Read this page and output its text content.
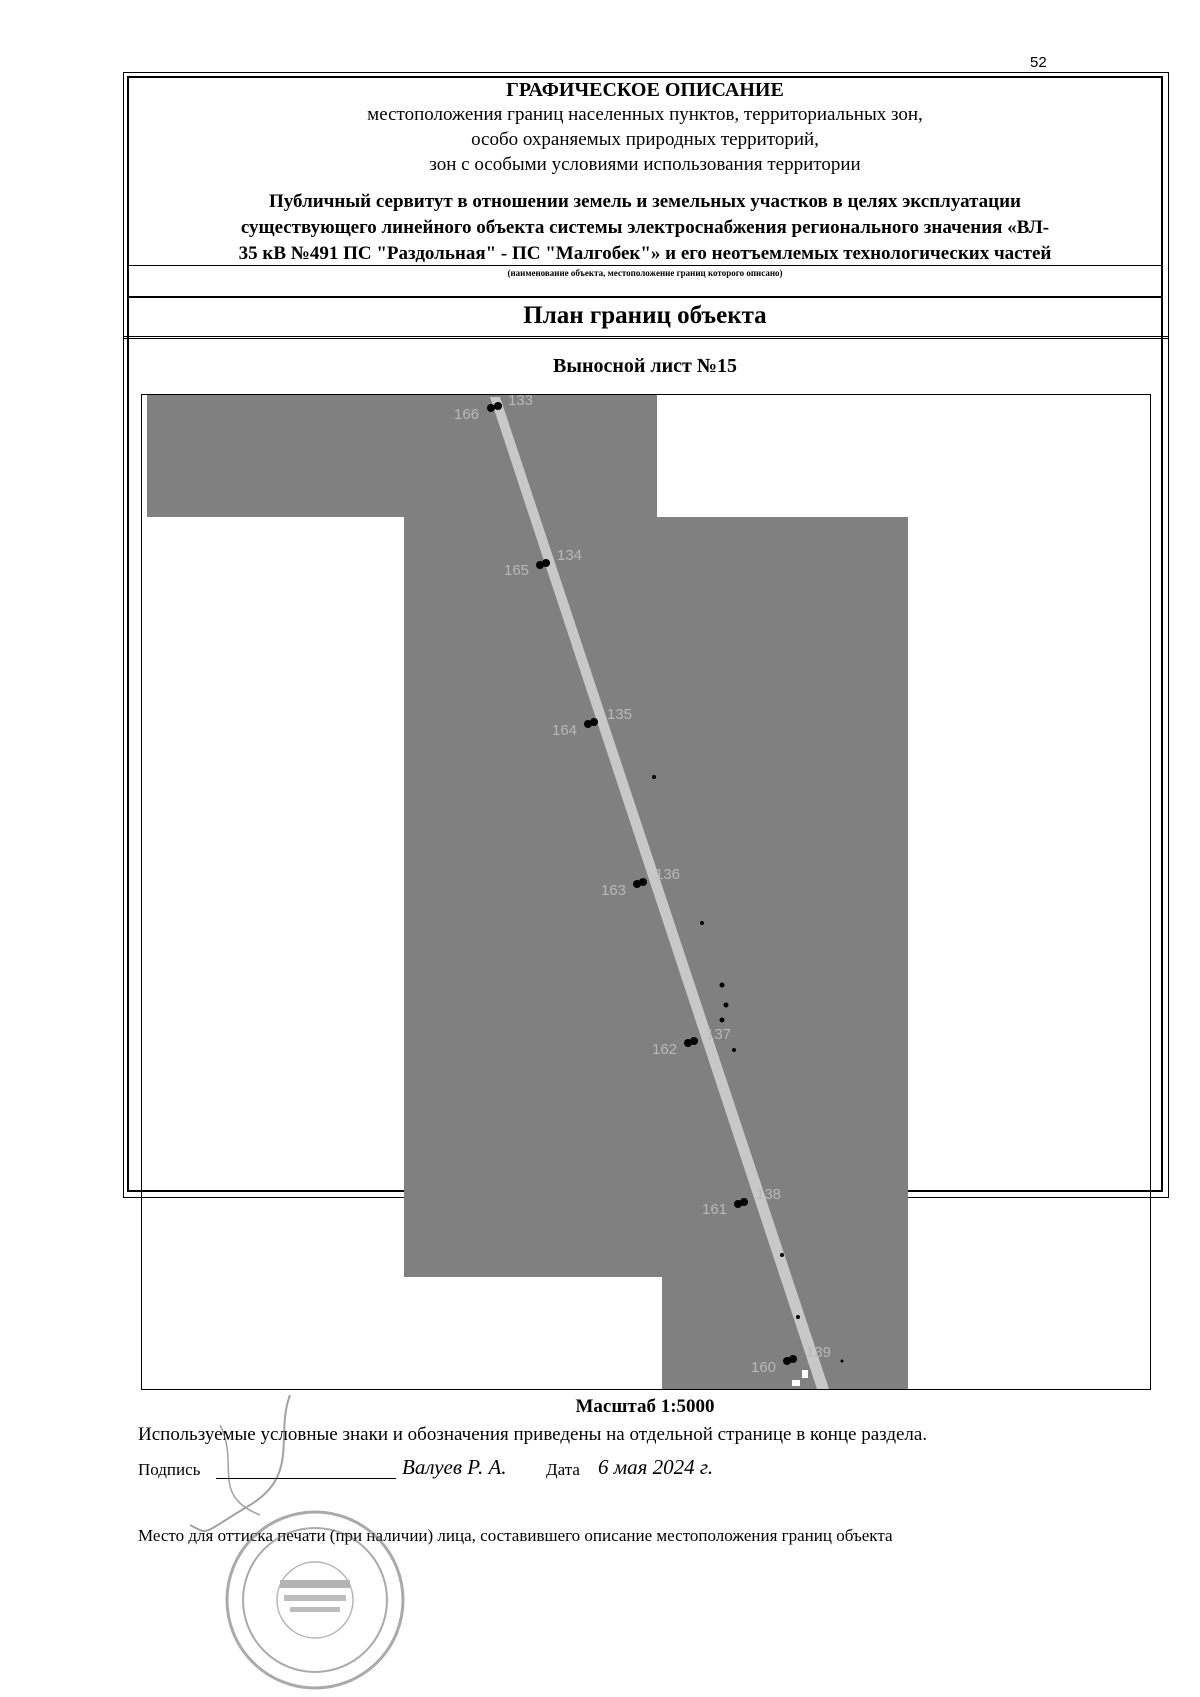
52
ГРАФИЧЕСКОЕ ОПИСАНИЕ
местоположения границ населенных пунктов, территориальных зон,
особо охраняемых природных территорий,
зон с особыми условиями использования территории
Публичный сервитут в отношении земель и земельных участков в целях эксплуатации
существующего линейного объекта системы электроснабжения регионального значения «ВЛ-
35 кВ №491 ПС "Раздольная" - ПС "Малгобек"» и его неотъемлемых технологических частей
(наименование объекта, местоположение границ которого описано)
План границ объекта
Выносной лист №15
166
165
164
163
162
161
160
133
134
135
136
137
138
139
Масштаб 1:5000
Используемые условные знаки и обозначения приведены на отдельной странице в конце раздела.
Подпись	Валуев Р. А. Дата 6 мая 2024 г.
Место для оттиска печати (при наличии) лица, составившего описание местоположения границ объекта
